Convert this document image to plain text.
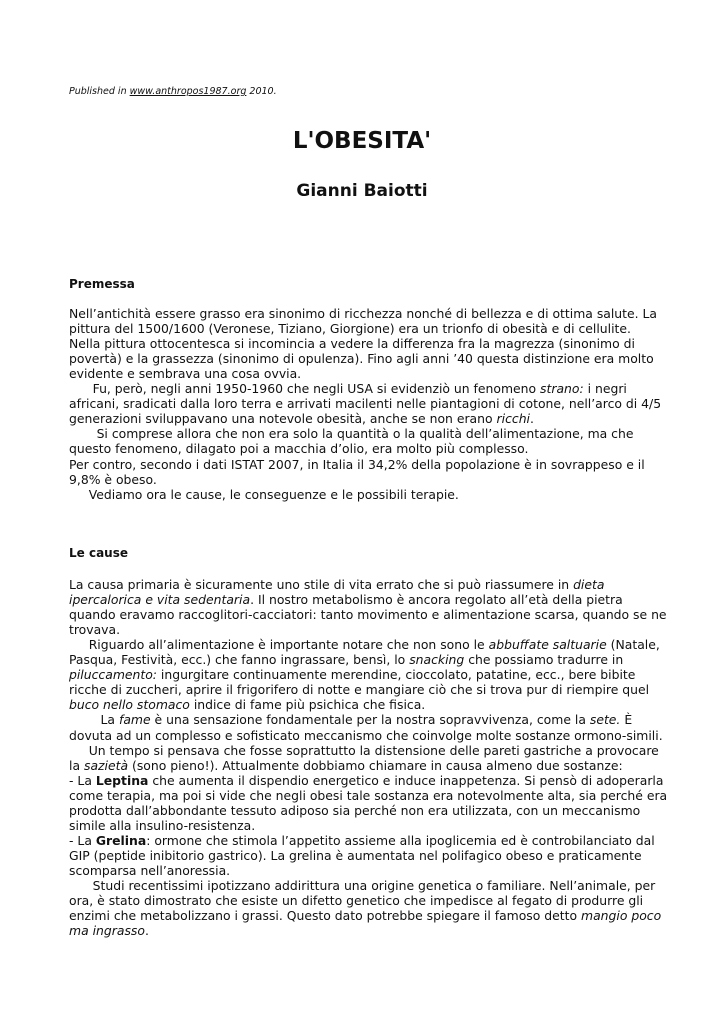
Published in www.anthropos1987.org 2010.
L'OBESITA'
Gianni Baiotti
Premessa
Nell’antichità essere grasso era sinonimo di ricchezza nonché di bellezza e di ottima salute. La
pittura del 1500/1600 (Veronese, Tiziano, Giorgione) era un trionfo di obesità e di cellulite.
Nella pittura ottocentesca si incomincia a vedere la differenza fra la magrezza (sinonimo di
povertà) e la grassezza (sinonimo di opulenza). Fino agli anni ’40 questa distinzione era molto
evidente e sembrava una cosa ovvia.
Fu, però, negli anni 1950-1960 che negli USA si evidenziò un fenomeno strano: i negri
africani, sradicati dalla loro terra e arrivati macilenti nelle piantagioni di cotone, nell’arco di 4/5
generazioni sviluppavano una notevole obesità, anche se non erano ricchi.
Si comprese allora che non era solo la quantità o la qualità dell’alimentazione, ma che
questo fenomeno, dilagato poi a macchia d’olio, era molto più complesso.
Per contro, secondo i dati ISTAT 2007, in Italia il 34,2% della popolazione è in sovrappeso e il
9,8% è obeso.
Vediamo ora le cause, le conseguenze e le possibili terapie.
Le cause
La causa primaria è sicuramente uno stile di vita errato che si può riassumere in dieta
ipercalorica e vita sedentaria. Il nostro metabolismo è ancora regolato all’età della pietra
quando eravamo raccoglitori-cacciatori: tanto movimento e alimentazione scarsa, quando se ne
trovava.
Riguardo all’alimentazione è importante notare che non sono le abbuffate saltuarie (Natale,
Pasqua, Festività, ecc.) che fanno ingrassare, bensì, lo snacking che possiamo tradurre in
piluccamento: ingurgitare continuamente merendine, cioccolato, patatine, ecc., bere bibite
ricche di zuccheri, aprire il frigorifero di notte e mangiare ciò che si trova pur di riempire quel
buco nello stomaco indice di fame più psichica che fisica.
La fame è una sensazione fondamentale per la nostra sopravvivenza, come la sete. È
dovuta ad un complesso e sofisticato meccanismo che coinvolge molte sostanze ormono-simili.
Un tempo si pensava che fosse soprattutto la distensione delle pareti gastriche a provocare
la sazietà (sono pieno!). Attualmente dobbiamo chiamare in causa almeno due sostanze:
- La Leptina che aumenta il dispendio energetico e induce inappetenza. Si pensò di adoperarla
come terapia, ma poi si vide che negli obesi tale sostanza era notevolmente alta, sia perché era
prodotta dall’abbondante tessuto adiposo sia perché non era utilizzata, con un meccanismo
simile alla insulino-resistenza.
- La Grelina: ormone che stimola l’appetito assieme alla ipoglicemia ed è controbilanciato dal
GIP (peptide inibitorio gastrico). La grelina è aumentata nel polifagico obeso e praticamente
scomparsa nell’anoressia.
Studi recentissimi ipotizzano addirittura una origine genetica o familiare. Nell’animale, per
ora, è stato dimostrato che esiste un difetto genetico che impedisce al fegato di produrre gli
enzimi che metabolizzano i grassi. Questo dato potrebbe spiegare il famoso detto mangio poco
ma ingrasso.
